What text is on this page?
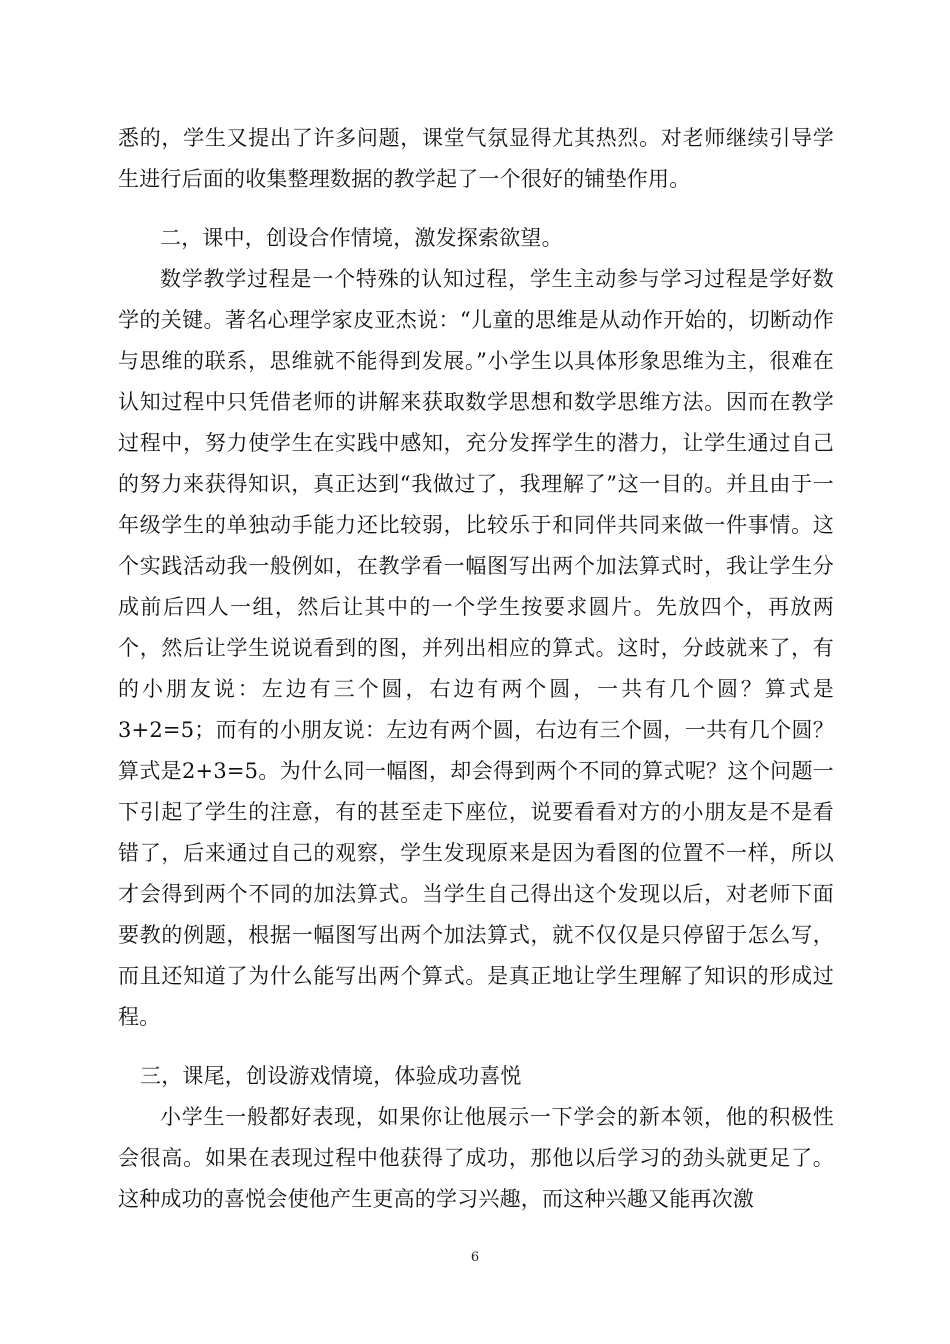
悉的，学生又提出了许多问题，课堂气氛显得尤其热烈。对老师继续引导学生进行后面的收集整理数据的教学起了一个很好的铺垫作用。

二，课中，创设合作情境，激发探索欲望。

数学教学过程是一个特殊的认知过程，学生主动参与学习过程是学好数学的关键。著名心理学家皮亚杰说：“儿童的思维是从动作开始的，切断动作与思维的联系，思维就不能得到发展。”小学生以具体形象思维为主，很难在认知过程中只凭借老师的讲解来获取数学思想和数学思维方法。因而在教学过程中，努力使学生在实践中感知，充分发挥学生的潜力，让学生通过自己的努力来获得知识，真正达到“我做过了，我理解了”这一目的。并且由于一年级学生的单独动手能力还比较弱，比较乐于和同伴共同来做一件事情。这个实践活动我一般例如，在教学看一幅图写出两个加法算式时，我让学生分成前后四人一组，然后让其中的一个学生按要求圆片。先放四个，再放两个，然后让学生说说看到的图，并列出相应的算式。这时，分歧就来了，有的小朋友说：左边有三个圆，右边有两个圆，一共有几个圆？算式是3+2=5；而有的小朋友说：左边有两个圆，右边有三个圆，一共有几个圆？算式是2+3=5。为什么同一幅图，却会得到两个不同的算式呢？这个问题一下引起了学生的注意，有的甚至走下座位，说要看看对方的小朋友是不是看错了，后来通过自己的观察，学生发现原来是因为看图的位置不一样，所以才会得到两个不同的加法算式。当学生自己得出这个发现以后，对老师下面要教的例题，根据一幅图写出两个加法算式，就不仅仅是只停留于怎么写，而且还知道了为什么能写出两个算式。是真正地让学生理解了知识的形成过程。

三，课尾，创设游戏情境，体验成功喜悦

小学生一般都好表现，如果你让他展示一下学会的新本领，他的积极性会很高。如果在表现过程中他获得了成功，那他以后学习的劲头就更足了。这种成功的喜悦会使他产生更高的学习兴趣，而这种兴趣又能再次激

6
